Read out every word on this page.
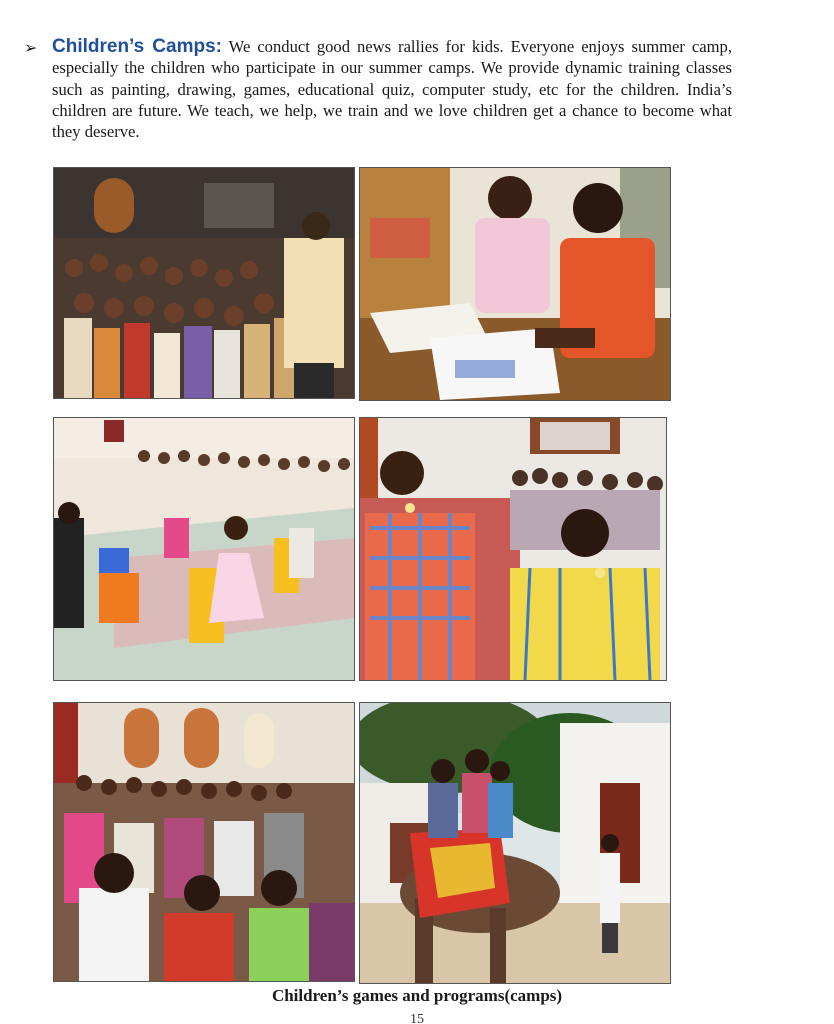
➢ Children’s Camps: We conduct good news rallies for kids. Everyone enjoys summer camp, especially the children who participate in our summer camps. We provide dynamic training classes such as painting, drawing, games, educational quiz, computer study, etc for the children. India’s children are future. We teach, we help, we train and we love children get a chance to become what they deserve.

Children’s games and programs(camps)
15
